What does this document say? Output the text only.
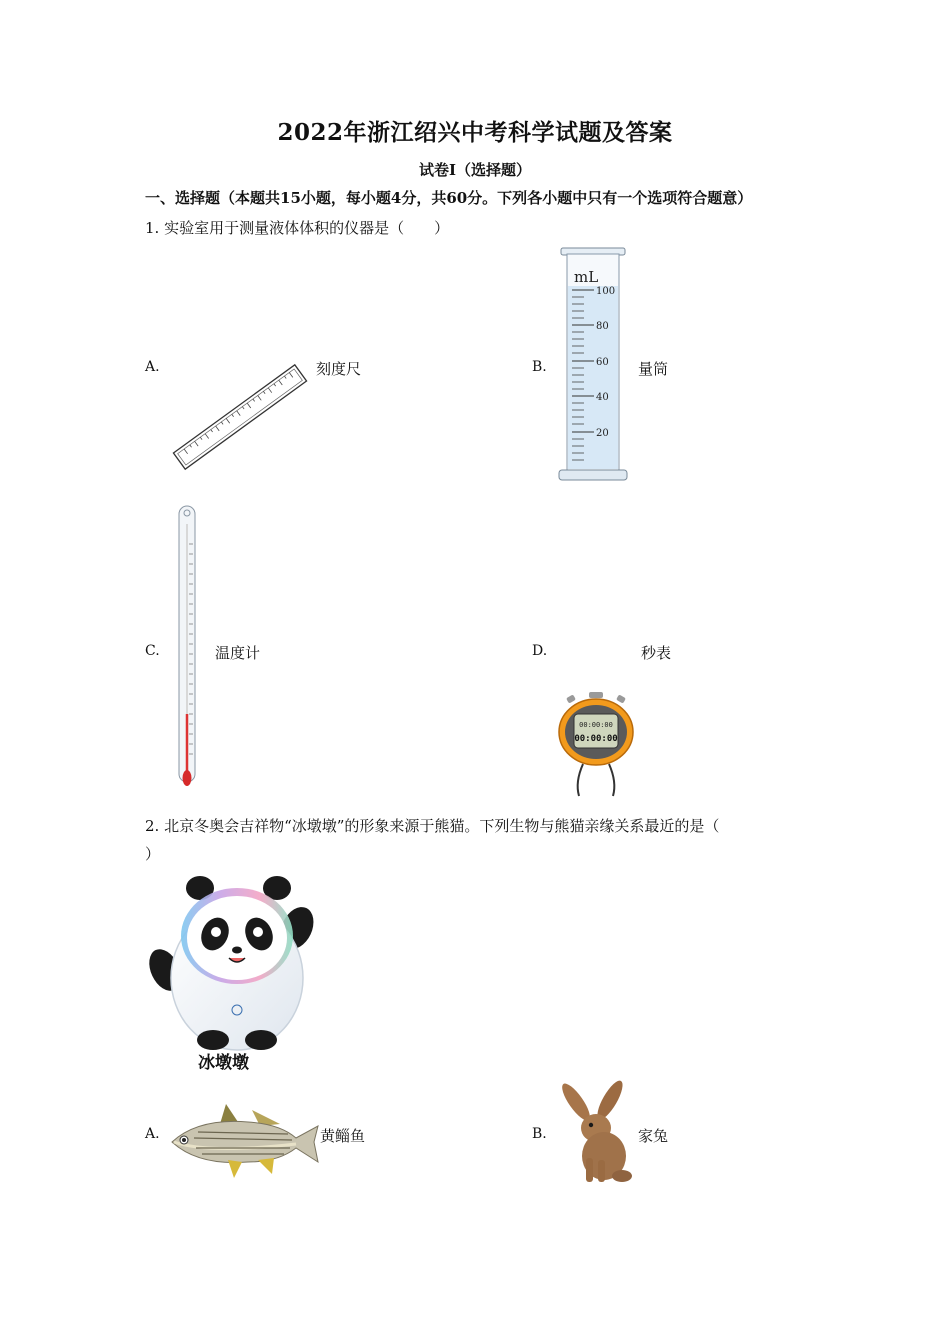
2022年浙江绍兴中考科学试题及答案
试卷Ⅰ（选择题）
一、选择题（本题共15小题，每小题4分，共60分。下列各小题中只有一个选项符合题意）
1. 实验室用于测量液体体积的仪器是（　　）
A.	刻度尺	B.
mL
100
80
60
40
20
量筒
C.	温度计	D.	秒表
00:00:00
00:00:00
2. 北京冬奥会吉祥物“冰墩墩”的形象来源于熊猫。下列生物与熊猫亲缘关系最近的是（
）
冰墩墩
A.	黄鲻鱼	B.	家兔
